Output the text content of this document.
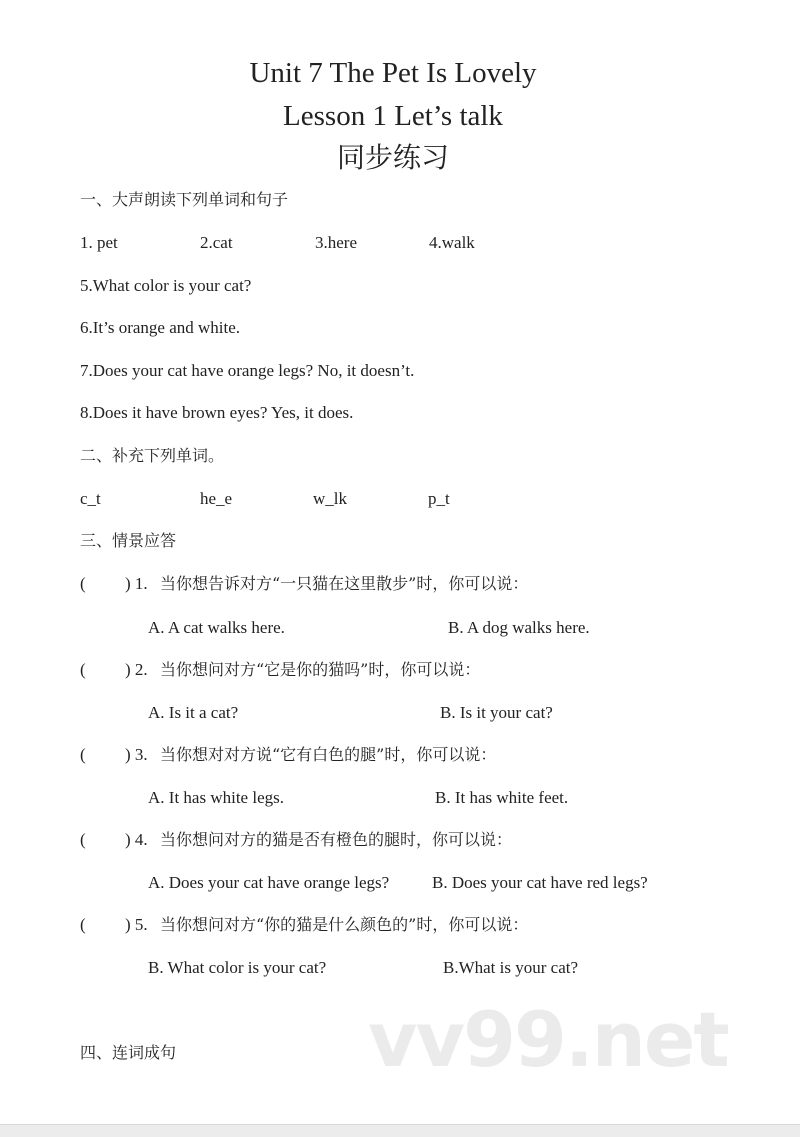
Unit 7 The Pet Is Lovely
Lesson 1 Let’s talk
同步练习
一、大声朗读下列单词和句子
1. pet	2.cat	3.here	4.walk
5.What color is your cat?
6.It’s orange and white.
7.Does your cat have orange legs? No, it doesn’t.
8.Does it have brown eyes? Yes, it does.
二、补充下列单词。
c_t	he_e	w_lk	p_t
三、情景应答
( ) 1. 当你想告诉对方“一只猫在这里散步”时，你可以说：
A. A cat walks here.	B. A dog walks here.
( ) 2. 当你想问对方“它是你的猫吗”时，你可以说：
A. Is it a cat?	B. Is it your cat?
( ) 3. 当你想对对方说“它有白色的腿”时，你可以说：
A. It has white legs.	B. It has white feet.
( ) 4. 当你想问对方的猫是否有橙色的腿时，你可以说：
A. Does your cat have orange legs?	B. Does your cat have red legs?
( ) 5. 当你想问对方“你的猫是什么颜色的”时，你可以说：
B. What color is your cat?	B.What is your cat?
vv99.net
四、连词成句
